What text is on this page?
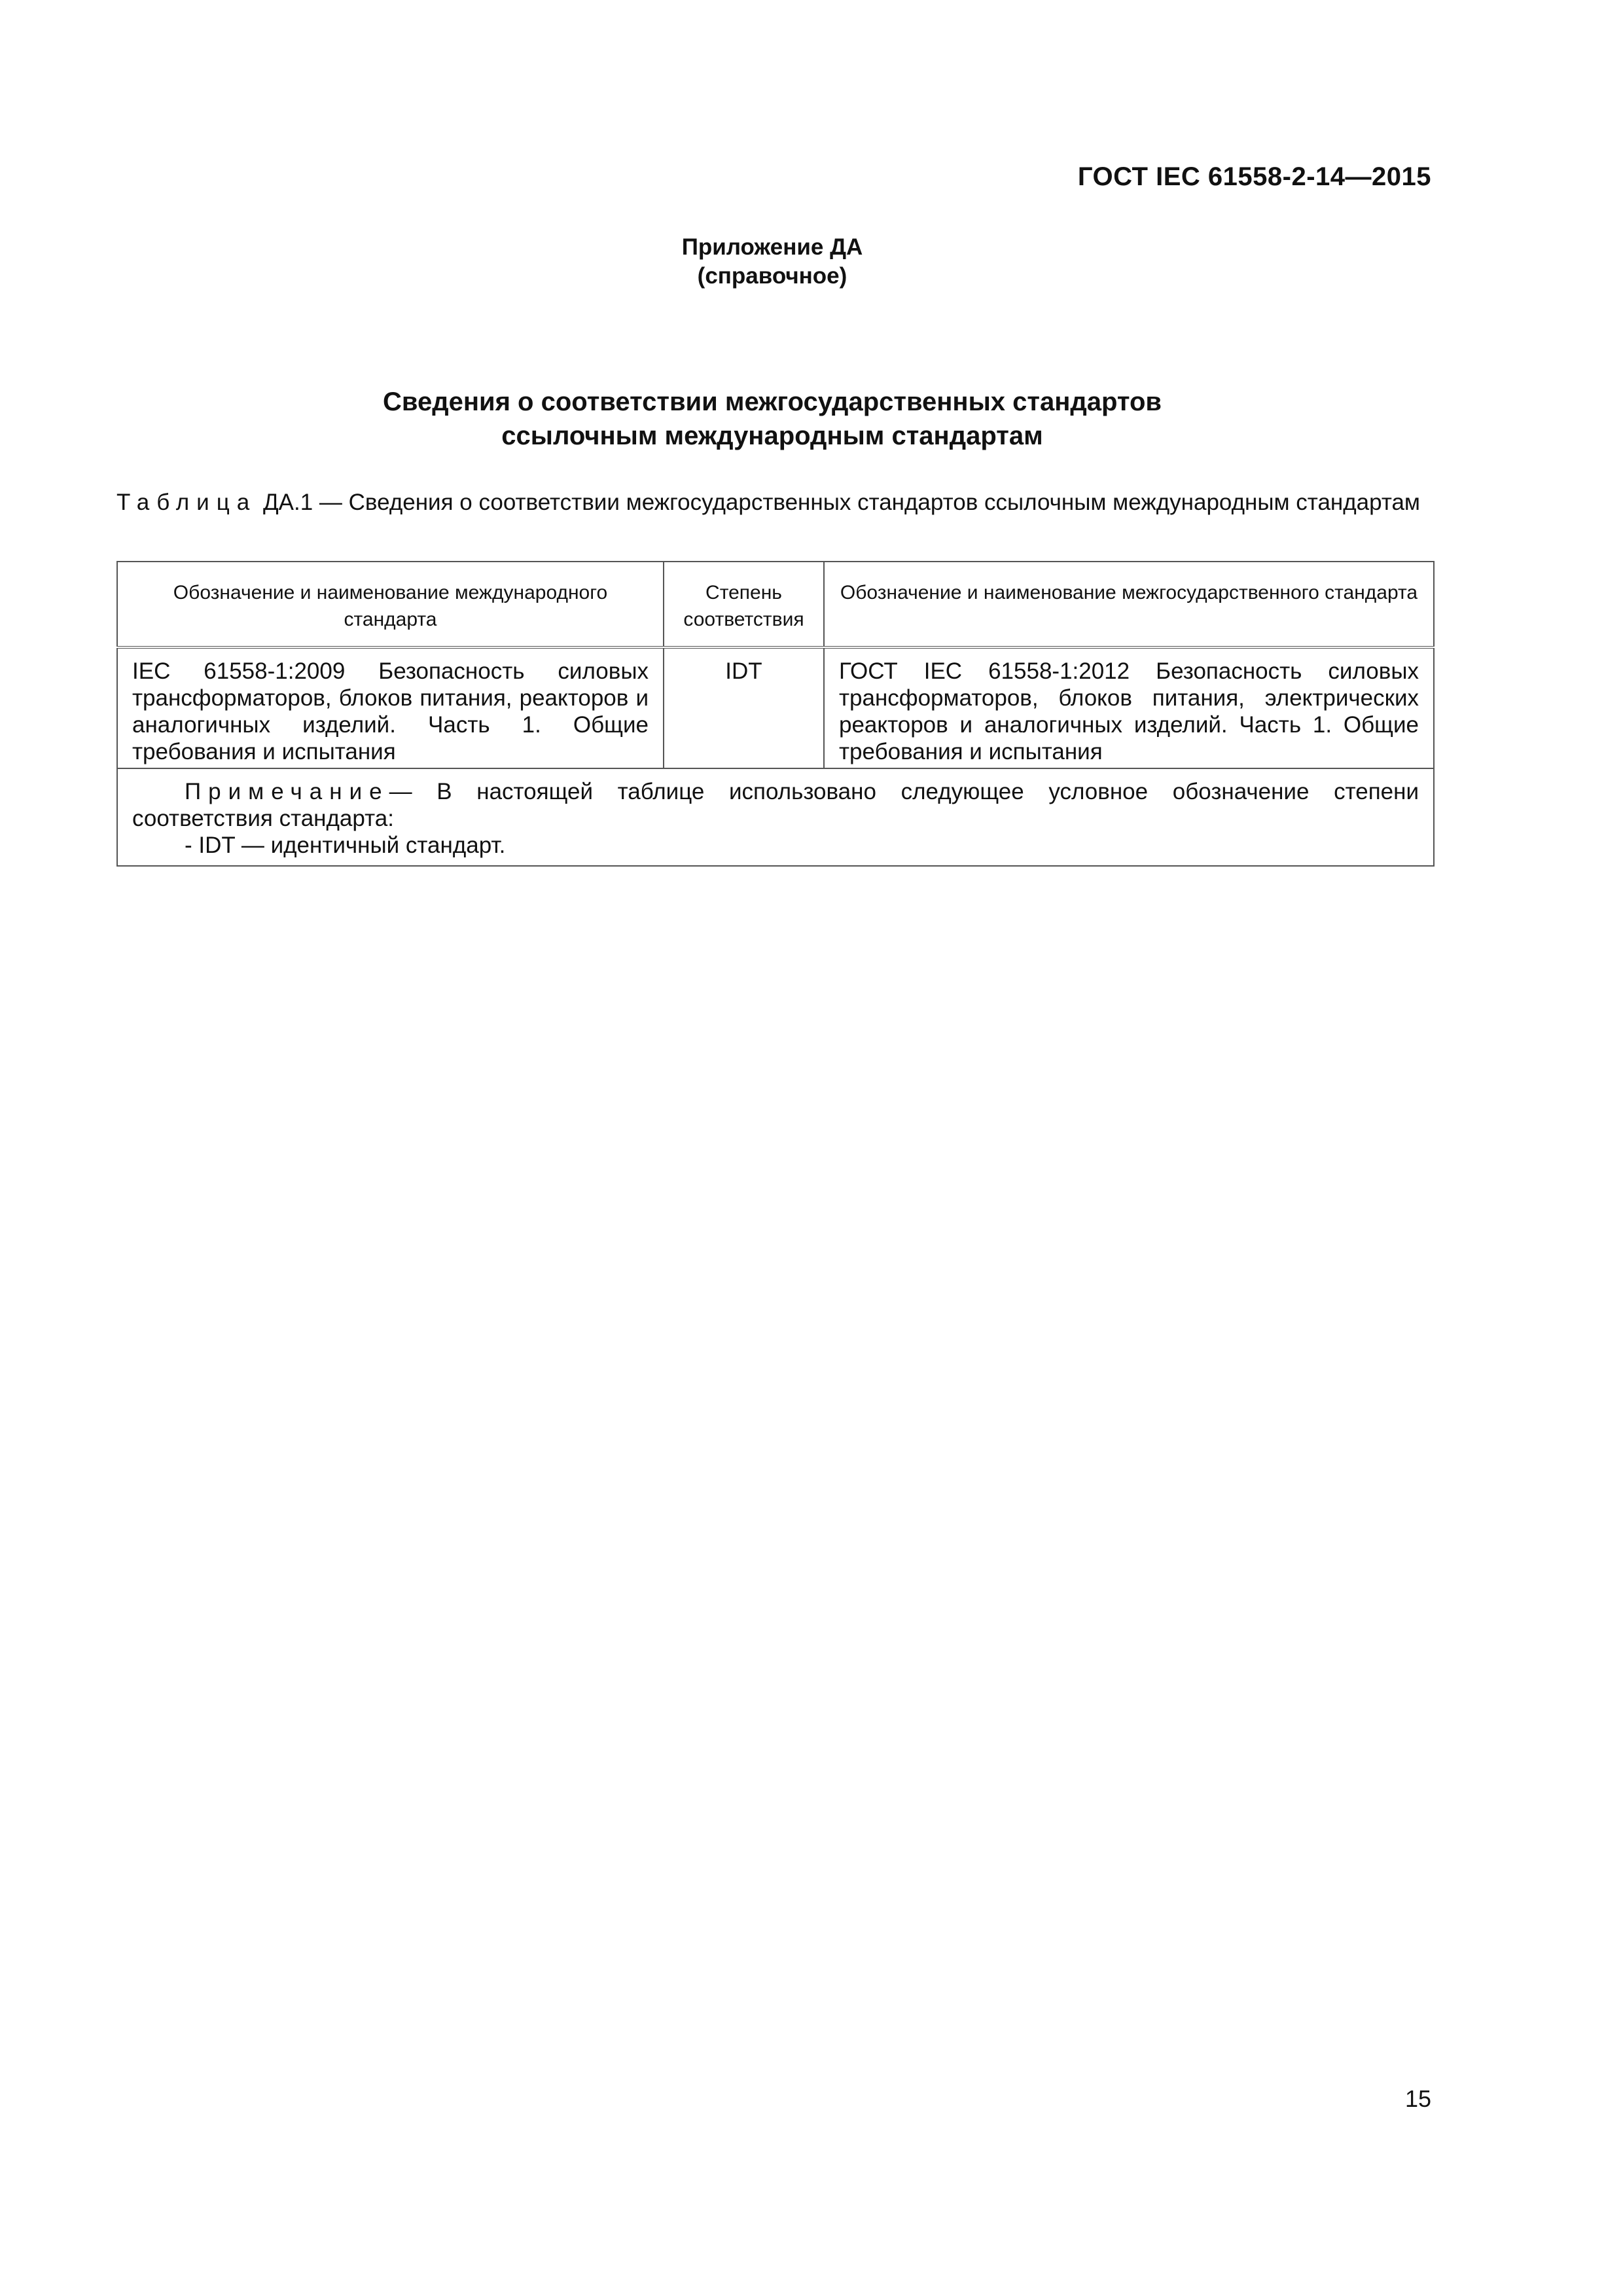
ГОСТ IEC 61558-2-14—2015
Приложение ДА
(справочное)
Сведения о соответствии межгосударственных стандартов
ссылочным международным стандартам
Таблица ДА.1 — Сведения о соответствии межгосударственных стандартов ссылочным международным стандартам
Обозначение и наименование международного стандарта	Степень соответствия	Обозначение и наименование межгосударственного стандарта
IEC 61558-1:2009 Безопасность силовых трансформаторов, блоков питания, реакторов и аналогичных изделий. Часть 1. Общие требования и испытания	IDT	ГОСТ IEC 61558-1:2012 Безопасность силовых трансформаторов, блоков питания, электрических реакторов и аналогичных изделий. Часть 1. Общие требования и испытания
Примечание— В настоящей таблице использовано следующее условное обозначение степени соответствия стандарта:
- IDT — идентичный стандарт.		
15
